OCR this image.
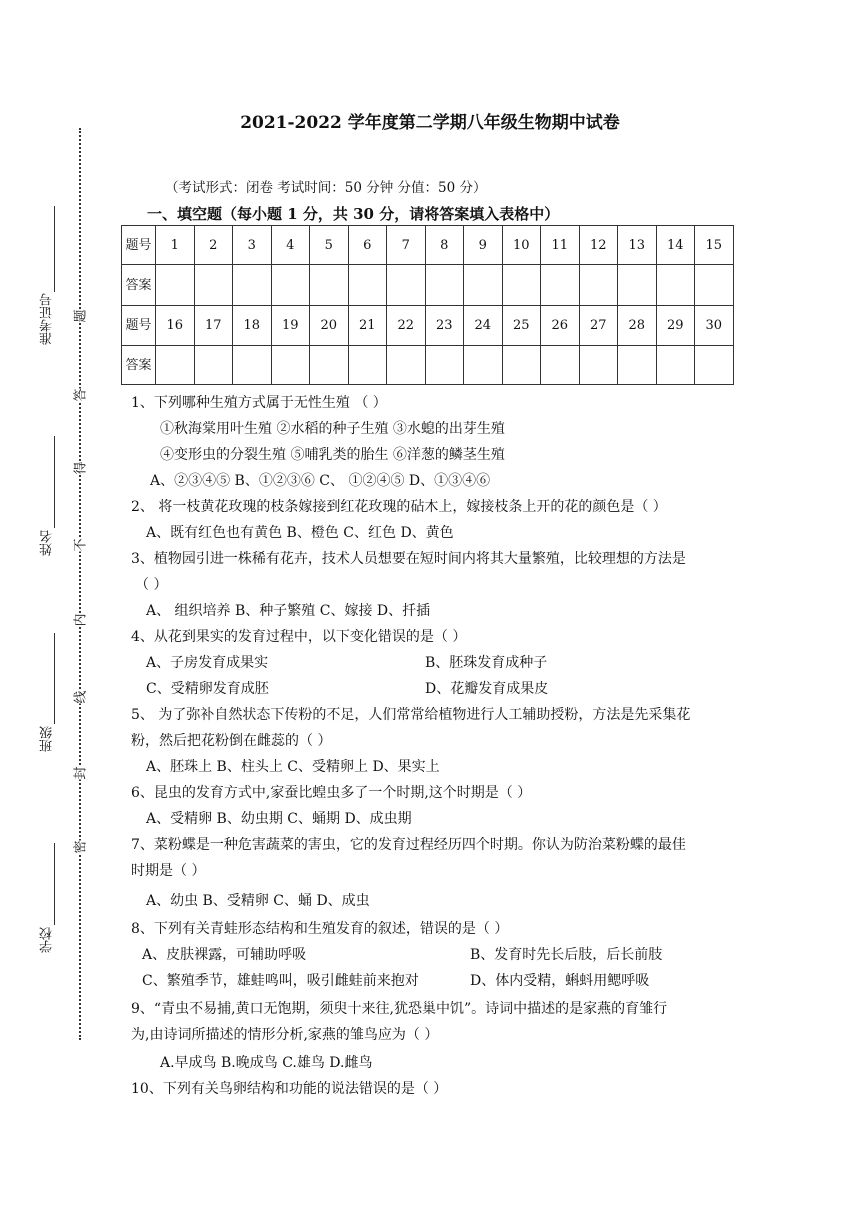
准考证号
姓名
班级
学校
题
答
得
不
内
线
封
密
2021-2022 学年度第二学期八年级生物期中试卷
（考试形式：闭卷 考试时间：50 分钟 分值：50 分）
一、填空题（每小题 1 分，共 30 分，请将答案填入表格中）
题号	1	2	3	4	5	6	7	8	9	10	11	12	13	14	15
答案															
题号	16	17	18	19	20	21	22	23	24	25	26	27	28	29	30
答案															
1、下列哪种生殖方式属于无性生殖 （ ）
①秋海棠用叶生殖 ②水稻的种子生殖 ③水螅的出芽生殖
④变形虫的分裂生殖 ⑤哺乳类的胎生 ⑥洋葱的鳞茎生殖
A、②③④⑤ B、①②③⑥ C、 ①②④⑤ D、①③④⑥
2、 将一枝黄花玫瑰的枝条嫁接到红花玫瑰的砧木上，嫁接枝条上开的花的颜色是（ ）
A、既有红色也有黄色 B、橙色 C、红色 D、黄色
3、植物园引进一株稀有花卉，技术人员想要在短时间内将其大量繁殖，比较理想的方法是
（ ）
A、 组织培养 B、种子繁殖 C、嫁接 D、扦插
4、从花到果实的发育过程中，以下变化错误的是（ ）
A、子房发育成果实	B、胚珠发育成种子
C、受精卵发育成胚	D、花瓣发育成果皮
5、 为了弥补自然状态下传粉的不足，人们常常给植物进行人工辅助授粉，方法是先采集花
粉，然后把花粉倒在雌蕊的（ ）
A、胚珠上 B、柱头上 C、受精卵上 D、果实上
6、昆虫的发育方式中,家蚕比蝗虫多了一个时期,这个时期是（ ）
A、受精卵 B、幼虫期 C、蛹期 D、成虫期
7、菜粉蝶是一种危害蔬菜的害虫，它的发育过程经历四个时期。你认为防治菜粉蝶的最佳
时期是（ ）
A、幼虫 B、受精卵 C、蛹 D、成虫
8、下列有关青蛙形态结构和生殖发育的叙述，错误的是（ ）
A、皮肤裸露，可辅助呼吸	B、发育时先长后肢，后长前肢
C、繁殖季节，雄蛙鸣叫，吸引雌蛙前来抱对	D、体内受精，蝌蚪用鳃呼吸
9、“青虫不易捕,黄口无饱期，须臾十来往,犹恐巢中饥”。诗词中描述的是家燕的育雏行
为,由诗词所描述的情形分析,家燕的雏鸟应为（ ）
A.早成鸟 B.晚成鸟 C.雄鸟 D.雌鸟
10、下列有关鸟卵结构和功能的说法错误的是（ ）
